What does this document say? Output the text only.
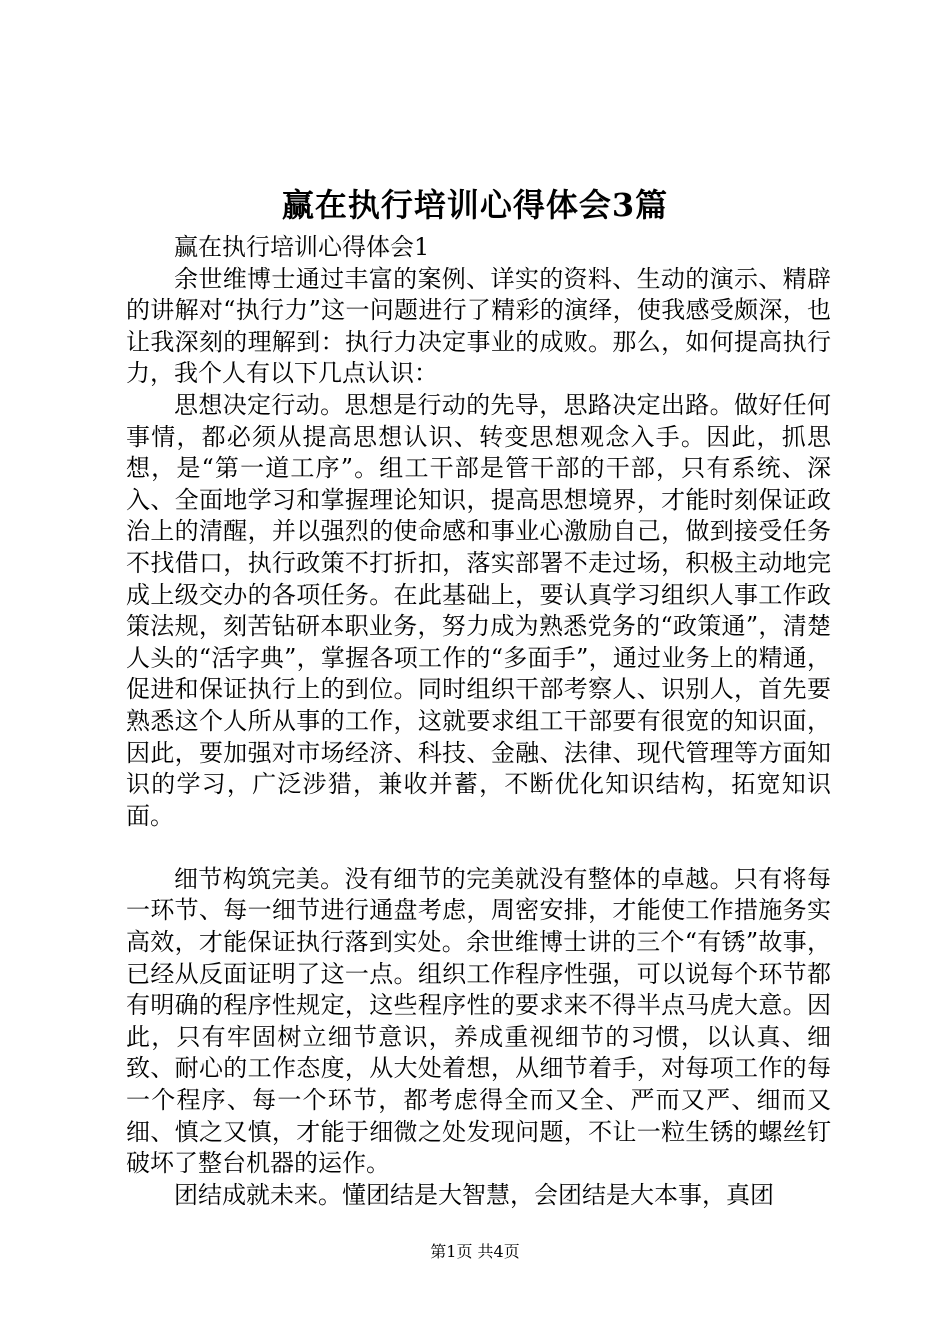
赢在执行培训心得体会3篇

赢在执行培训心得体会1

余世维博士通过丰富的案例、详实的资料、生动的演示、精辟的讲解对“执行力”这一问题进行了精彩的演绎，使我感受颇深，也让我深刻的理解到：执行力决定事业的成败。那么，如何提高执行力，我个人有以下几点认识：

思想决定行动。思想是行动的先导，思路决定出路。做好任何事情，都必须从提高思想认识、转变思想观念入手。因此，抓思想，是“第一道工序”。组工干部是管干部的干部，只有系统、深入、全面地学习和掌握理论知识，提高思想境界，才能时刻保证政治上的清醒，并以强烈的使命感和事业心激励自己，做到接受任务不找借口，执行政策不打折扣，落实部署不走过场，积极主动地完成上级交办的各项任务。在此基础上，要认真学习组织人事工作政策法规，刻苦钻研本职业务，努力成为熟悉党务的“政策通”，清楚人头的“活字典”，掌握各项工作的“多面手”，通过业务上的精通，促进和保证执行上的到位。同时组织干部考察人、识别人，首先要熟悉这个人所从事的工作，这就要求组工干部要有很宽的知识面，因此，要加强对市场经济、科技、金融、法律、现代管理等方面知识的学习，广泛涉猎，兼收并蓄，不断优化知识结构，拓宽知识面。

细节构筑完美。没有细节的完美就没有整体的卓越。只有将每一环节、每一细节进行通盘考虑，周密安排，才能使工作措施务实高效，才能保证执行落到实处。余世维博士讲的三个“有锈”故事，已经从反面证明了这一点。组织工作程序性强，可以说每个环节都有明确的程序性规定，这些程序性的要求来不得半点马虎大意。因此，只有牢固树立细节意识，养成重视细节的习惯，以认真、细致、耐心的工作态度，从大处着想，从细节着手，对每项工作的每一个程序、每一个环节，都考虑得全而又全、严而又严、细而又细、慎之又慎，才能于细微之处发现问题，不让一粒生锈的螺丝钉破坏了整台机器的运作。

团结成就未来。懂团结是大智慧，会团结是大本事，真团

第1页 共4页
